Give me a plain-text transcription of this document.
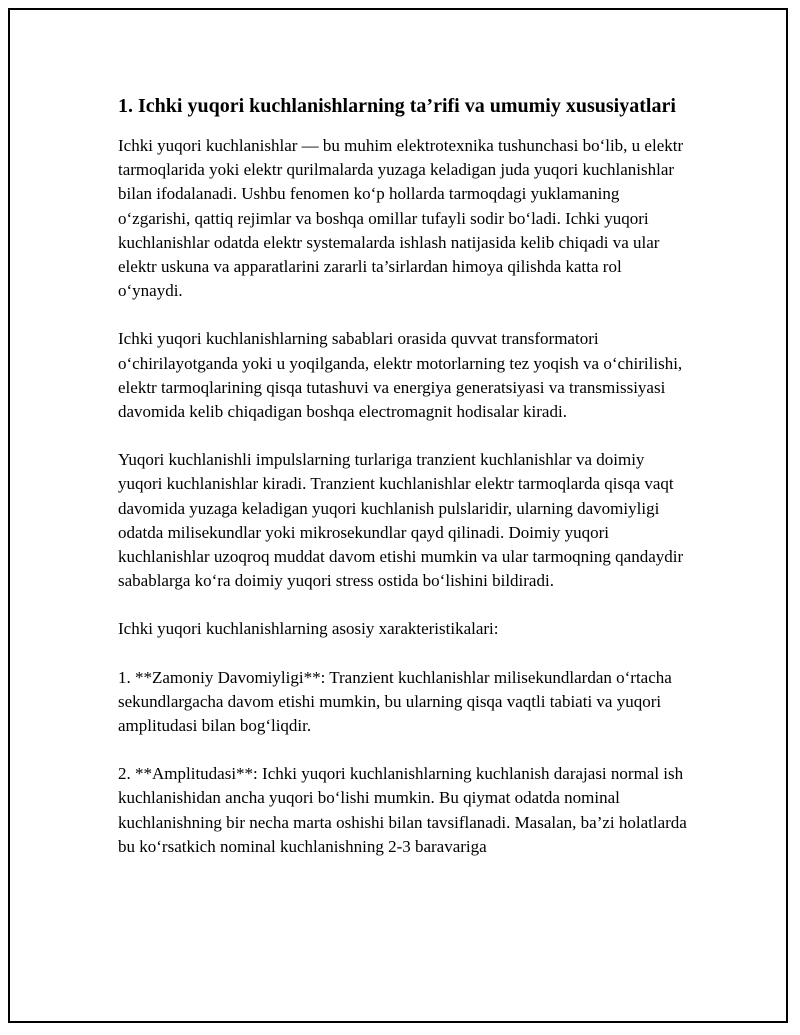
1. Ichki yuqori kuchlanishlarning ta’rifi va umumiy xususiyatlari

Ichki yuqori kuchlanishlar — bu muhim elektrotexnika tushunchasi bo‘lib, u elektr tarmoqlarida yoki elektr qurilmalarda yuzaga keladigan juda yuqori kuchlanishlar bilan ifodalanadi. Ushbu fenomen ko‘p hollarda tarmoqdagi yuklamaning o‘zgarishi, qattiq rejimlar va boshqa omillar tufayli sodir bo‘ladi. Ichki yuqori kuchlanishlar odatda elektr systemalarda ishlash natijasida kelib chiqadi va ular elektr uskuna va apparatlarini zararli ta’sirlardan himoya qilishda katta rol o‘ynaydi.

Ichki yuqori kuchlanishlarning sabablari orasida quvvat transformatori o‘chirilayotganda yoki u yoqilganda, elektr motorlarning tez yoqish va o‘chirilishi, elektr tarmoqlarining qisqa tutashuvi va energiya generatsiyasi va transmissiyasi davomida kelib chiqadigan boshqa electromagnit hodisalar kiradi.

Yuqori kuchlanishli impulslarning turlariga tranzient kuchlanishlar va doimiy yuqori kuchlanishlar kiradi. Tranzient kuchlanishlar elektr tarmoqlarda qisqa vaqt davomida yuzaga keladigan yuqori kuchlanish pulslaridir, ularning davomiyligi odatda milisekundlar yoki mikrosekundlar qayd qilinadi. Doimiy yuqori kuchlanishlar uzoqroq muddat davom etishi mumkin va ular tarmoqning qandaydir sabablarga ko‘ra doimiy yuqori stress ostida bo‘lishini bildiradi.

Ichki yuqori kuchlanishlarning asosiy xarakteristikalari:

1. **Zamoniy Davomiyligi**: Tranzient kuchlanishlar milisekundlardan o‘rtacha sekundlargacha davom etishi mumkin, bu ularning qisqa vaqtli tabiati va yuqori amplitudasi bilan bog‘liqdir.

2. **Amplitudasi**: Ichki yuqori kuchlanishlarning kuchlanish darajasi normal ish kuchlanishidan ancha yuqori bo‘lishi mumkin. Bu qiymat odatda nominal kuchlanishning bir necha marta oshishi bilan tavsiflanadi. Masalan, ba’zi holatlarda bu ko‘rsatkich nominal kuchlanishning 2-3 baravariga
